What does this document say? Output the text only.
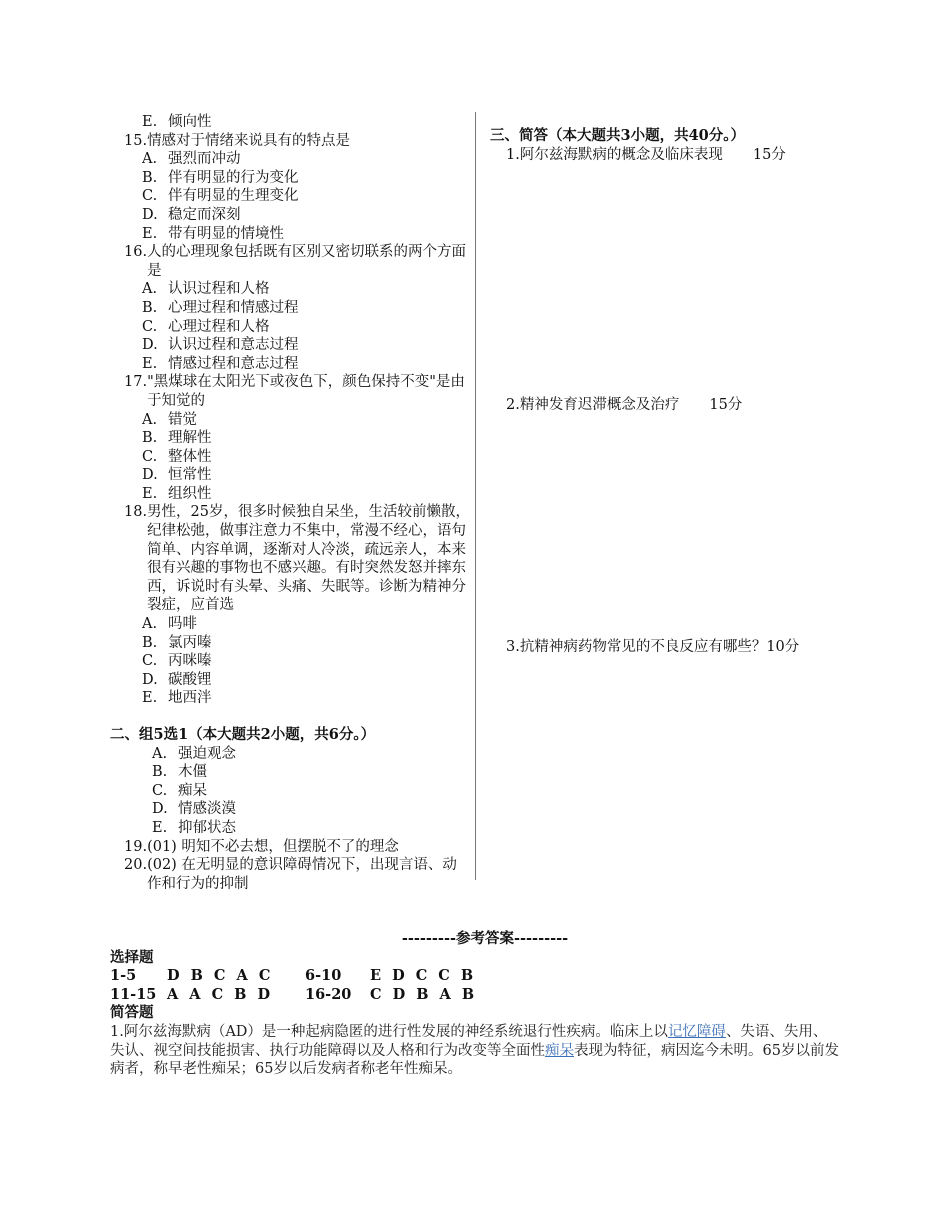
E. 倾向性
15. 情感对于情绪来说具有的特点是
A. 强烈而冲动
B. 伴有明显的行为变化
C. 伴有明显的生理变化
D. 稳定而深刻
E. 带有明显的情境性
16. 人的心理现象包括既有区别又密切联系的两个方面是
A. 认识过程和人格
B. 心理过程和情感过程
C. 心理过程和人格
D. 认识过程和意志过程
E. 情感过程和意志过程
17. "黑煤球在太阳光下或夜色下，颜色保持不变"是由于知觉的
A. 错觉
B. 理解性
C. 整体性
D. 恒常性
E. 组织性
18. 男性，25岁，很多时候独自呆坐，生活较前懒散，纪律松弛，做事注意力不集中，常漫不经心，语句简单、内容单调，逐渐对人冷淡，疏远亲人，本来很有兴趣的事物也不感兴趣。有时突然发怒并摔东西，诉说时有头晕、头痛、失眠等。诊断为精神分裂症，应首选
A. 吗啡
B. 氯丙嗪
C. 丙咪嗪
D. 碳酸锂
E. 地西泮
二、组5选1（本大题共2小题，共6分。）
A. 强迫观念
B. 木僵
C. 痴呆
D. 情感淡漠
E. 抑郁状态
19. (01) 明知不必去想，但摆脱不了的理念
20. (02) 在无明显的意识障碍情况下，出现言语、动作和行为的抑制
三、简答（本大题共3小题，共40分。）
1.阿尔兹海默病的概念及临床表现 15分
2.精神发育迟滞概念及治疗 15分
3.抗精神病药物常见的不良反应有哪些？10分
---------参考答案---------
选择题
1-5	D B C A C	6-10	E D C C B
11-15 A A C B D	16-20	C D B A B
简答题
1.阿尔兹海默病（AD）是一种起病隐匿的进行性发展的神经系统退行性疾病。临床上以记忆障碍、失语、失用、失认、视空间技能损害、执行功能障碍以及人格和行为改变等全面性痴呆表现为特征，病因迄今未明。65岁以前发病者，称早老性痴呆；65岁以后发病者称老年性痴呆。
